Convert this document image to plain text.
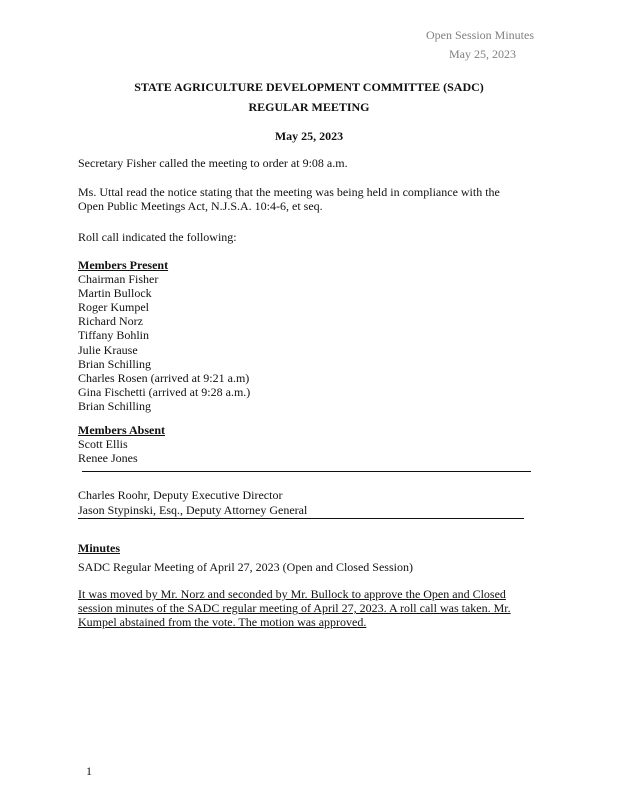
Open Session Minutes
May 25, 2023
STATE AGRICULTURE DEVELOPMENT COMMITTEE (SADC)
REGULAR MEETING
May 25, 2023
Secretary Fisher called the meeting to order at 9:08 a.m.
Ms. Uttal read the notice stating that the meeting was being held in compliance with the
Open Public Meetings Act, N.J.S.A. 10:4-6, et seq.
Roll call indicated the following:
Members Present
Chairman Fisher
Martin Bullock
Roger Kumpel
Richard Norz
Tiffany Bohlin
Julie Krause
Brian Schilling
Charles Rosen (arrived at 9:21 a.m)
Gina Fischetti (arrived at 9:28 a.m.)
Brian Schilling
Members Absent
Scott Ellis
Renee Jones
Charles Roohr, Deputy Executive Director
Jason Stypinski, Esq., Deputy Attorney General
Minutes
SADC Regular Meeting of April 27, 2023 (Open and Closed Session)
It was moved by Mr. Norz and seconded by Mr. Bullock to approve the Open and Closed
session minutes of the SADC regular meeting of April 27, 2023. A roll call was taken. Mr.
Kumpel abstained from the vote. The motion was approved.
1
